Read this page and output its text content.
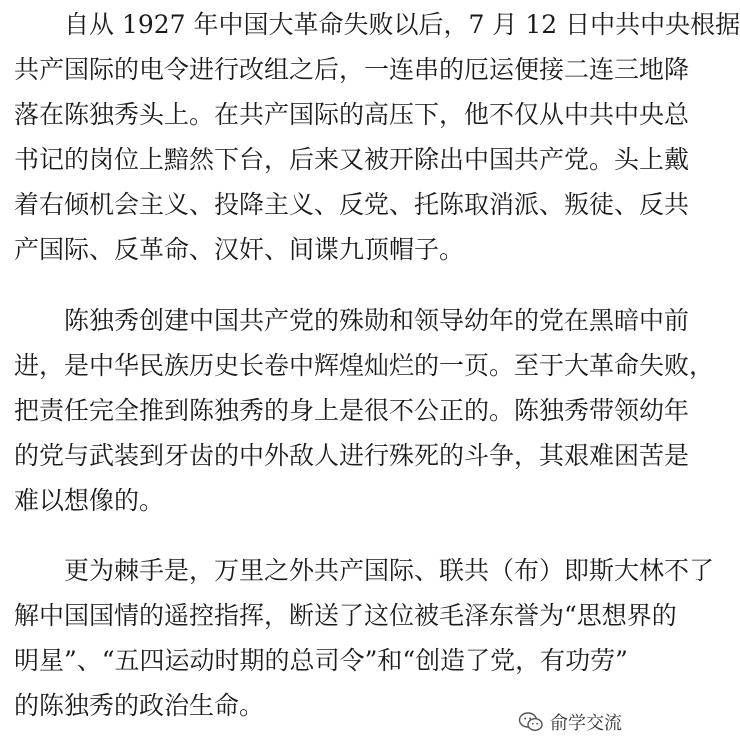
　　自从 1927 年中国大革命失败以后，7 月 12 日中共中央根据
共产国际的电令进行改组之后，一连串的厄运便接二连三地降
落在陈独秀头上。在共产国际的高压下，他不仅从中共中央总
书记的岗位上黯然下台，后来又被开除出中国共产党。头上戴
着右倾机会主义、投降主义、反党、托陈取消派、叛徒、反共
产国际、反革命、汉奸、间谍九顶帽子。
　　陈独秀创建中国共产党的殊勋和领导幼年的党在黑暗中前
进，是中华民族历史长卷中辉煌灿烂的一页。至于大革命失败，
把责任完全推到陈独秀的身上是很不公正的。陈独秀带领幼年
的党与武装到牙齿的中外敌人进行殊死的斗争，其艰难困苦是
难以想像的。
　　更为棘手是，万里之外共产国际、联共（布）即斯大林不了
解中国国情的遥控指挥，断送了这位被毛泽东誉为“思想界的
明星”、“五四运动时期的总司令”和“创造了党，有功劳”
的陈独秀的政治生命。
俞学交流
